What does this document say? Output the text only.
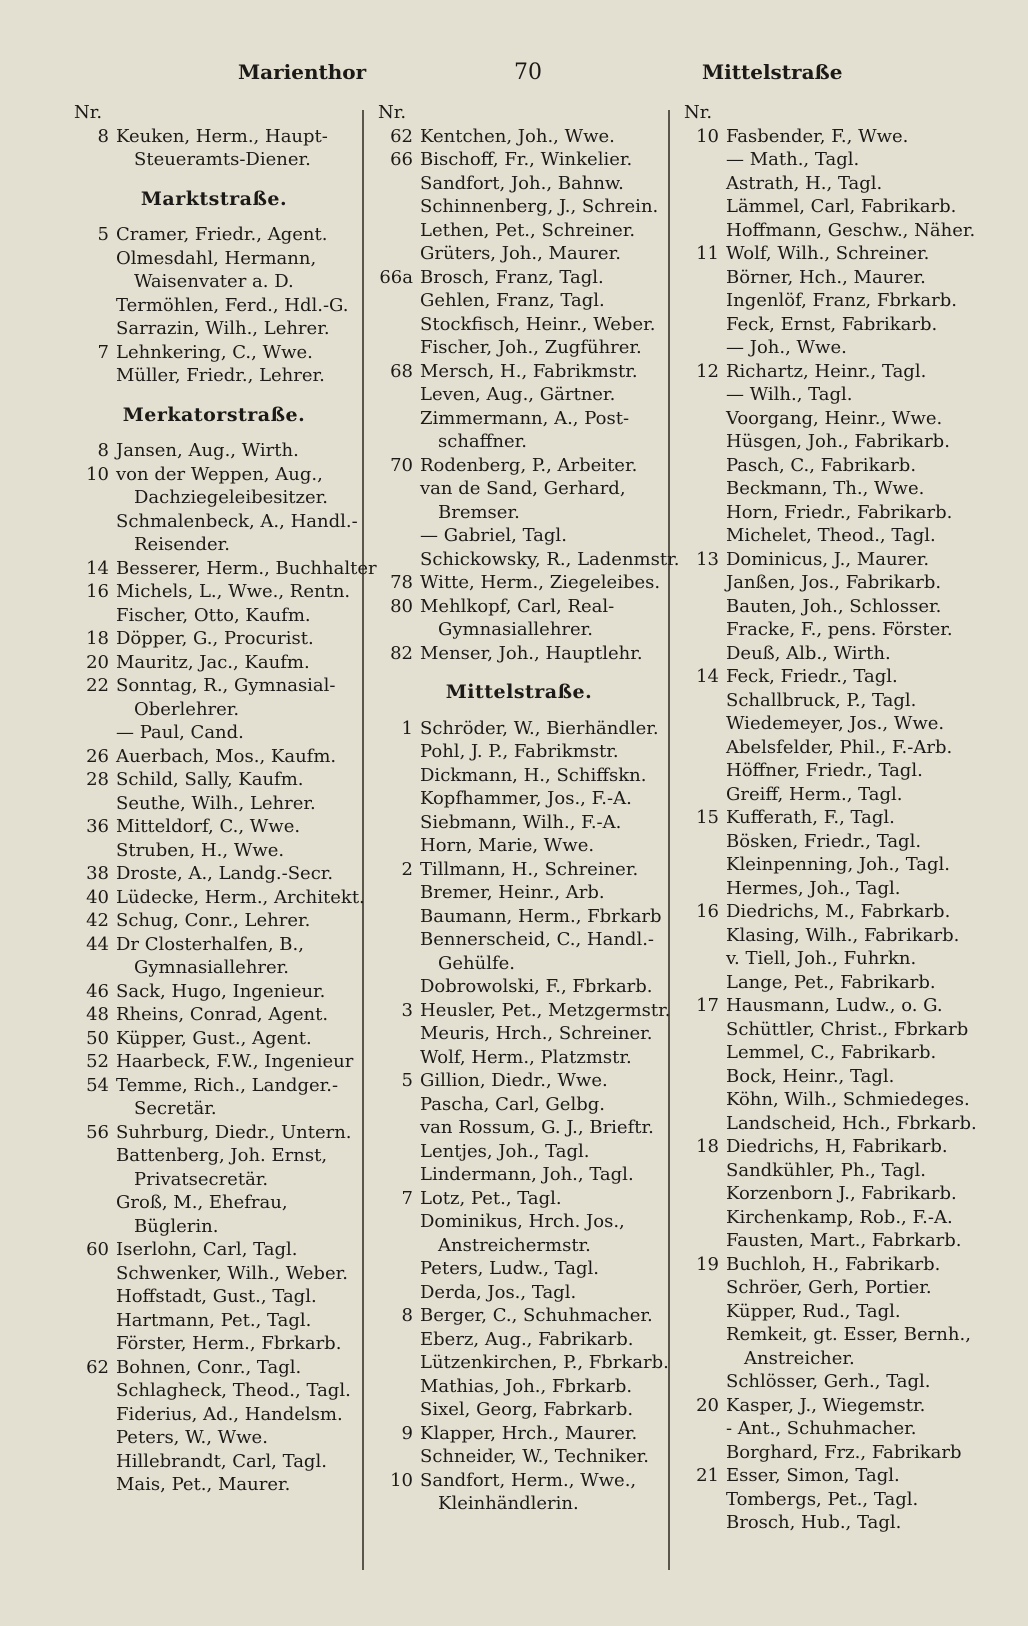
Marienthor	70	Mittelstraße
Nr.
8 Keuken, Herm., Haupt-
Steueramts-Diener.
Marktstraße.
5 Cramer, Friedr., Agent.
Olmesdahl, Hermann,
Waisenvater a. D.
Termöhlen, Ferd., Hdl.-G.
Sarrazin, Wilh., Lehrer.
7 Lehnkering, C., Wwe.
Müller, Friedr., Lehrer.
Merkatorstraße.
8 Jansen, Aug., Wirth.
10 von der Weppen, Aug.,
Dachziegeleibesitzer.
Schmalenbeck, A., Handl.-
Reisender.
14 Besserer, Herm., Buchhalter
16 Michels, L., Wwe., Rentn.
Fischer, Otto, Kaufm.
18 Döpper, G., Procurist.
20 Mauritz, Jac., Kaufm.
22 Sonntag, R., Gymnasial-
Oberlehrer.
— Paul, Cand.
26 Auerbach, Mos., Kaufm.
28 Schild, Sally, Kaufm.
Seuthe, Wilh., Lehrer.
36 Mitteldorf, C., Wwe.
Struben, H., Wwe.
38 Droste, A., Landg.-Secr.
40 Lüdecke, Herm., Architekt.
42 Schug, Conr., Lehrer.
44 Dr Closterhalfen, B.,
Gymnasiallehrer.
46 Sack, Hugo, Ingenieur.
48 Rheins, Conrad, Agent.
50 Küpper, Gust., Agent.
52 Haarbeck, F.W., Ingenieur
54 Temme, Rich., Landger.-
Secretär.
56 Suhrburg, Diedr., Untern.
Battenberg, Joh. Ernst,
Privatsecretär.
Groß, M., Ehefrau,
Büglerin.
60 Iserlohn, Carl, Tagl.
Schwenker, Wilh., Weber.
Hoffstadt, Gust., Tagl.
Hartmann, Pet., Tagl.
Förster, Herm., Fbrkarb.
62 Bohnen, Conr., Tagl.
Schlagheck, Theod., Tagl.
Fiderius, Ad., Handelsm.
Peters, W., Wwe.
Hillebrandt, Carl, Tagl.
Mais, Pet., Maurer.
Nr.
62 Kentchen, Joh., Wwe.
66 Bischoff, Fr., Winkelier.
Sandfort, Joh., Bahnw.
Schinnenberg, J., Schrein.
Lethen, Pet., Schreiner.
Grüters, Joh., Maurer.
66a Brosch, Franz, Tagl.
Gehlen, Franz, Tagl.
Stockfisch, Heinr., Weber.
Fischer, Joh., Zugführer.
68 Mersch, H., Fabrikmstr.
Leven, Aug., Gärtner.
Zimmermann, A., Post-
schaffner.
70 Rodenberg, P., Arbeiter.
van de Sand, Gerhard,
Bremser.
— Gabriel, Tagl.
Schickowsky, R., Ladenmstr.
78 Witte, Herm., Ziegeleibes.
80 Mehlkopf, Carl, Real-
Gymnasiallehrer.
82 Menser, Joh., Hauptlehr.
Mittelstraße.
1 Schröder, W., Bierhändler.
Pohl, J. P., Fabrikmstr.
Dickmann, H., Schiffskn.
Kopfhammer, Jos., F.-A.
Siebmann, Wilh., F.-A.
Horn, Marie, Wwe.
2 Tillmann, H., Schreiner.
Bremer, Heinr., Arb.
Baumann, Herm., Fbrkarb
Bennerscheid, C., Handl.-
Gehülfe.
Dobrowolski, F., Fbrkarb.
3 Heusler, Pet., Metzgermstr.
Meuris, Hrch., Schreiner.
Wolf, Herm., Platzmstr.
5 Gillion, Diedr., Wwe.
Pascha, Carl, Gelbg.
van Rossum, G. J., Brieftr.
Lentjes, Joh., Tagl.
Lindermann, Joh., Tagl.
7 Lotz, Pet., Tagl.
Dominikus, Hrch. Jos.,
Anstreichermstr.
Peters, Ludw., Tagl.
Derda, Jos., Tagl.
8 Berger, C., Schuhmacher.
Eberz, Aug., Fabrikarb.
Lützenkirchen, P., Fbrkarb.
Mathias, Joh., Fbrkarb.
Sixel, Georg, Fabrkarb.
9 Klapper, Hrch., Maurer.
Schneider, W., Techniker.
10 Sandfort, Herm., Wwe.,
Kleinhändlerin.
Nr.
10 Fasbender, F., Wwe.
— Math., Tagl.
Astrath, H., Tagl.
Lämmel, Carl, Fabrikarb.
Hoffmann, Geschw., Näher.
11 Wolf, Wilh., Schreiner.
Börner, Hch., Maurer.
Ingenlöf, Franz, Fbrkarb.
Feck, Ernst, Fabrikarb.
— Joh., Wwe.
12 Richartz, Heinr., Tagl.
— Wilh., Tagl.
Voorgang, Heinr., Wwe.
Hüsgen, Joh., Fabrikarb.
Pasch, C., Fabrikarb.
Beckmann, Th., Wwe.
Horn, Friedr., Fabrikarb.
Michelet, Theod., Tagl.
13 Dominicus, J., Maurer.
Janßen, Jos., Fabrikarb.
Bauten, Joh., Schlosser.
Fracke, F., pens. Förster.
Deuß, Alb., Wirth.
14 Feck, Friedr., Tagl.
Schallbruck, P., Tagl.
Wiedemeyer, Jos., Wwe.
Abelsfelder, Phil., F.-Arb.
Höffner, Friedr., Tagl.
Greiff, Herm., Tagl.
15 Kufferath, F., Tagl.
Bösken, Friedr., Tagl.
Kleinpenning, Joh., Tagl.
Hermes, Joh., Tagl.
16 Diedrichs, M., Fabrkarb.
Klasing, Wilh., Fabrikarb.
v. Tiell, Joh., Fuhrkn.
Lange, Pet., Fabrikarb.
17 Hausmann, Ludw., o. G.
Schüttler, Christ., Fbrkarb
Lemmel, C., Fabrikarb.
Bock, Heinr., Tagl.
Köhn, Wilh., Schmiedeges.
Landscheid, Hch., Fbrkarb.
18 Diedrichs, H, Fabrikarb.
Sandkühler, Ph., Tagl.
Korzenborn J., Fabrikarb.
Kirchenkamp, Rob., F.-A.
Fausten, Mart., Fabrkarb.
19 Buchloh, H., Fabrikarb.
Schröer, Gerh, Portier.
Küpper, Rud., Tagl.
Remkeit, gt. Esser, Bernh.,
Anstreicher.
Schlösser, Gerh., Tagl.
20 Kasper, J., Wiegemstr.
- Ant., Schuhmacher.
Borghard, Frz., Fabrikarb
21 Esser, Simon, Tagl.
Tombergs, Pet., Tagl.
Brosch, Hub., Tagl.
